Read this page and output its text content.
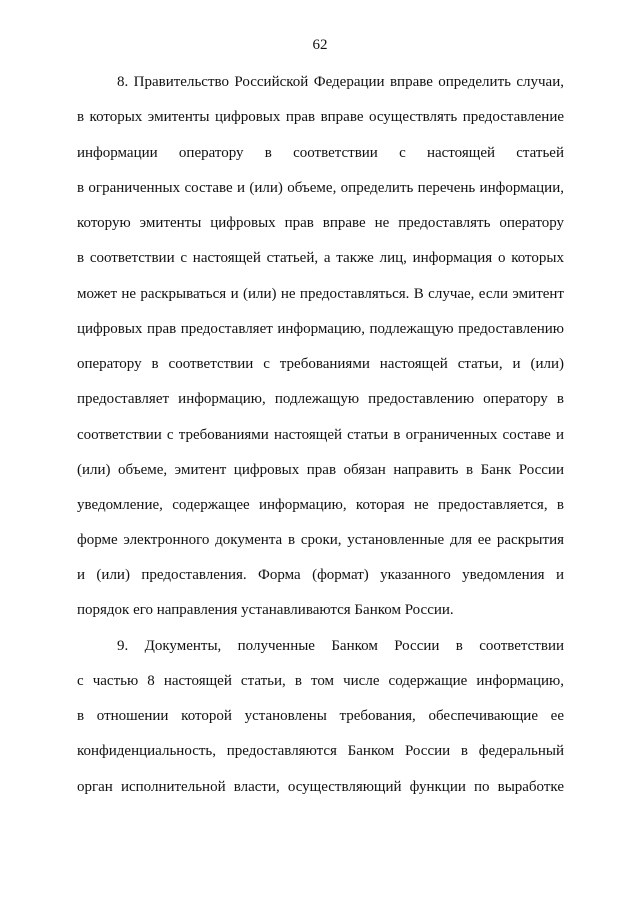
62
8. Правительство Российской Федерации вправе определить случаи,
в которых эмитенты цифровых прав вправе осуществлять предоставление
информации оператору в соответствии с настоящей статьей
в ограниченных составе и (или) объеме, определить перечень информации,
которую эмитенты цифровых прав вправе не предоставлять оператору
в соответствии с настоящей статьей, а также лиц, информация о которых
может не раскрываться и (или) не предоставляться. В случае, если эмитент
цифровых прав предоставляет информацию, подлежащую предоставлению
оператору в соответствии с требованиями настоящей статьи, и (или)
предоставляет информацию, подлежащую предоставлению оператору в
соответствии с требованиями настоящей статьи в ограниченных составе и
(или) объеме, эмитент цифровых прав обязан направить в Банк России
уведомление, содержащее информацию, которая не предоставляется, в
форме электронного документа в сроки, установленные для ее раскрытия
и (или) предоставления. Форма (формат) указанного уведомления и
порядок его направления устанавливаются Банком России.
9. Документы, полученные Банком России в соответствии
с частью 8 настоящей статьи, в том числе содержащие информацию,
в отношении которой установлены требования, обеспечивающие ее
конфиденциальность, предоставляются Банком России в федеральный
орган исполнительной власти, осуществляющий функции по выработке
